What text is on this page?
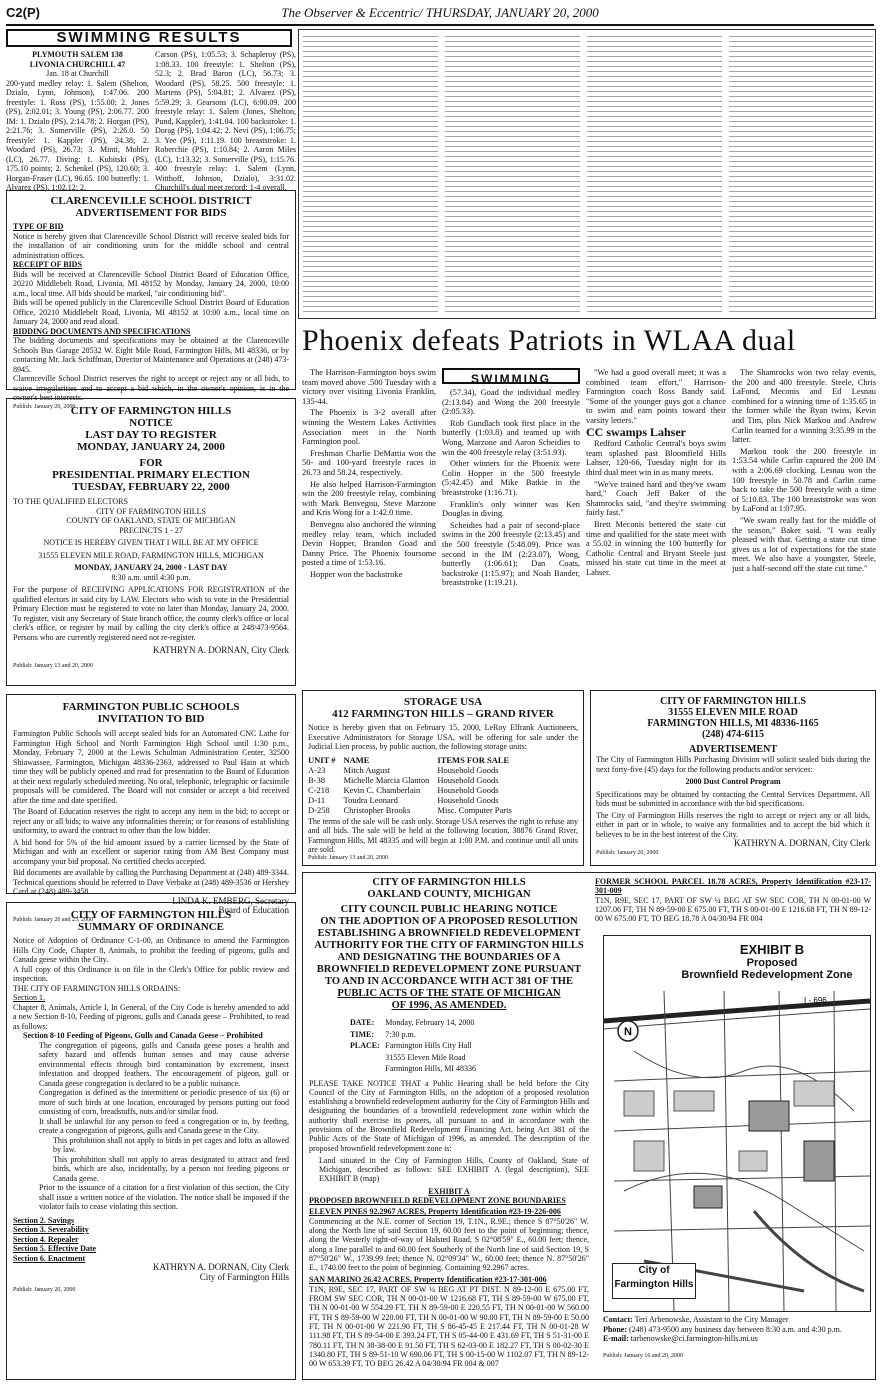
C2(P)	The Observer & Eccentric/ THURSDAY, JANUARY 20, 2000
SWIMMING RESULTS
PLYMOUTH SALEM 138
LIVONIA CHURCHILL 47
Jan. 18 at Churchill
200-yard medley relay: 1. Salem (Shelton, Dzialo, Lynn, Johnson), 1:47.06. 200 freestyle: 1. Ross (PS), 1:55.00; 2. Jones (PS), 2:02.01; 3. Young (PS), 2:06.77. 200 IM: 1. Dzialo (PS), 2:14.78; 2. Horgan (PS), 2:21.76; 3. Somerville (PS), 2:26.0. 50 freestyle: 1. Kappler (PS), 24.38; 2. Woodard (PS), 26.73; 3. Minti, Mohler (LC), 26.77. Diving: 1. Kubitski (PS), 175.10 points; 2. Schenkel (PS), 120.60; 3. Horgan-Fraser (LC), 96.65. 100 butterfly: 1. Alvarez (PS), 1:02.12; 2.
Carson (PS), 1:05.53; 3. Schapleroy (PS), 1:08.33. 100 freestyle: 1. Shelton (PS), 52.3; 2. Brad Baron (LC), 56.73; 3. Woodard (PS), 58.25. 500 freestyle: 1. Martens (PS), 5:04.81; 2. Alvarez (PS), 5:59.29; 3. Gearsons (LC), 6:00.09. 200 freestyle relay: 1. Salem (Jones, Shelton, Pund, Kappler), 1:41.04. 100 backstroke: 1. Dorag (PS), 1:04.42; 2. Nevi (PS), 1:06.75; 3. Yee (PS), 1:11.19. 100 breaststroke: 1. Roberchie (PS), 1:10.84; 2. Aaron Miles (LC), 1:13.32; 3. Somerville (PS), 1:15.76. 400 freestyle relay: 1. Salem (Lynn, Witthoff, Johnson, Dzialo), 3:31.02. Churchill's dual meet record: 1-4 overall.
CLARENCEVILLE SCHOOL DISTRICT
ADVERTISEMENT FOR BIDS
TYPE OF BID
Notice is hereby given that Clarenceville School District will receive sealed bids for the installation of air conditioning units for the middle school and central administration offices.
RECEIPT OF BIDS
Bids will be received at Clarenceville School District Board of Education Office, 20210 Middlebelt Road, Livonia, MI 48152 by Monday, January 24, 2000, 10:00 a.m., local time. All bids should be marked, "air conditioning bid".
Bids will be opened publicly in the Clarenceville School District Board of Education Office, 20210 Middlebelt Road, Livonia, MI 48152 at 10:00 a.m., local time on January 24, 2000 and read aloud.
BIDDING DOCUMENTS AND SPECIFICATIONS
The bidding documents and specifications may be obtained at the Clarenceville Schools Bus Garage 28532 W. Eight Mile Road, Farmington Hills, MI 48336, or by contacting Mr. Jack Schiffman, Director of Maintenance and Operations at (248) 473-8945.
Clarenceville School District reserves the right to accept or reject any or all bids, to waive irregularities and to accept a bid which, in the owner's opinion, is in the owner's best interests.
Publish: January 20, 2000
CITY OF FARMINGTON HILLS
NOTICE
LAST DAY TO REGISTER
MONDAY, JANUARY 24, 2000
FOR
PRESIDENTIAL PRIMARY ELECTION
TUESDAY, FEBRUARY 22, 2000
TO THE QUALIFIED ELECTORS
CITY OF FARMINGTON HILLS
COUNTY OF OAKLAND, STATE OF MICHIGAN
PRECINCTS 1 - 27
NOTICE IS HEREBY GIVEN THAT I WILL BE AT MY OFFICE
31555 ELEVEN MILE ROAD, FARMINGTON HILLS, MICHIGAN
MONDAY, JANUARY 24, 2000 - LAST DAY
8:30 a.m. until 4:30 p.m.
For the purpose of RECEIVING APPLICATIONS FOR REGISTRATION of the qualified electors in said city by LAW. Electors who wish to vote in the Presidential Primary Election must be registered to vote no later than Monday, January 24, 2000. To register, visit any Secretary of State branch office, the county clerk's office or local clerk's office, or register by mail by calling the city clerk's office at 248/473-9564. Persons who are currently registered need not re-register.
KATHRYN A. DORNAN, City Clerk
Publish: January 13 and 20, 2000
FARMINGTON PUBLIC SCHOOLS
INVITATION TO BID
Farmington Public Schools will accept sealed bids for an Automated CNC Lathe for Farmington High School and North Farmington High School until 1:30 p.m., Monday, February 7, 2000 at the Lewis Schulman Administration Center, 32500 Shiawassee, Farmington, Michigan 48336-2363, addressed to Paul Hain at which time they will be publicly opened and read for presentation to the Board of Education at their next regularly scheduled meeting. No oral, telephonic, telegraphic or facsimile proposals will be considered. The Board will not consider or accept a bid received after the time and date specified.
The Board of Education reserves the right to accept any item in the bid; to accept or reject any or all bids; to waive any informalities therein; or for reasons of establishing uniformity, to award the contract to other than the low bidder.
A bid bond for 5% of the bid amount issued by a carrier licensed by the State of Michigan and with an excellent or superior rating from AM Best Company must accompany your bid proposal. No certified checks accepted.
Bid documents are available by calling the Purchasing Department at (248) 489-3344. Technical questions should be referred to Dave Verbake at (248) 489-3536 or Hershey Card at (248) 489-3458.
LINDA K. EMBERG, Secretary
Board of Education
Publish: January 20 and 23, 2000
CITY OF FARMINGTON HILLS
SUMMARY OF ORDINANCE
Notice of Adoption of Ordinance C-1-00, an Ordinance to amend the Farmington Hills City Code, Chapter 8, Animals, to prohibit the feeding of pigeons, gulls and Canada geese within the City.
A full copy of this Ordinance is on file in the Clerk's Office for public review and inspection.
THE CITY OF FARMINGTON HILLS ORDAINS:
Section 1.
Chapter 8, Animals, Article I, In General, of the City Code is hereby amended to add a new Section 8-10, Feeding of pigeons, gulls and Canada geese – Prohibited, to read as follows:
Section 8-10 Feeding of Pigeons, Gulls and Canada Geese – Prohibited
The congregation of pigeons, gulls and Canada geese poses a health and safety hazard and offends human senses and may cause adverse environmental effects through bird contamination by excrement, insect infestation and dropped feathers. The encouragement of pigeon, gull or Canada geese congregation is declared to be a public nuisance.
Congregation is defined as the intermittent or periodic presence of six (6) or more of such birds at one location, encouraged by persons putting out food consisting of corn, breadstuffs, nuts and/or similar food.
It shall be unlawful for any person to feed a congregation or to, by feeding, create a congregation of pigeons, gulls and Canada geese in the City.
This prohibition shall not apply to birds in pet cages and lofts as allowed by law.
This prohibition shall not apply to areas designated to attract and feed birds, which are also, incidentally, by a person not feeding pigeons or Canada geese.
Prior to the issuance of a citation for a first violation of this section, the City shall issue a written notice of the violation. The notice shall be imposed if the violator fails to cease violating this section.
Section 2. Savings
Section 3. Severability
Section 4. Repealer
Section 5. Effective Date
Section 6. Enactment
KATHRYN A. DORNAN, City Clerk
City of Farmington Hills
Publish: January 20, 2000
Phoenix defeats Patriots in WLAA dual

The Harrison-Farmington boys swim team moved above .500 Tuesday with a victory over visiting Livonia Franklin, 135-44.

The Phoenix is 3-2 overall after winning the Western Lakes Activities Association meet in the North Farmington pool.

Freshman Charlie DeMattia won the 50- and 100-yard freestyle races in 26.73 and 58.24, respectively.

He also helped Harrison-Farmington win the 200 freestyle relay, combining with Mark Benvegnu, Steve Marzone and Kris Wong for a 1:42.0 time.

Benvegnu also anchored the winning medley relay team, which included Devin Hopper, Brandon Goad and Danny Price. The Phoenix foursome posted a time of 1:53.16.

Hopper won the backstroke

SWIMMING

(57.34), Goad the individual medley (2:13.84) and Wong the 200 freestyle (2:05.33).

Rob Gundlach took first place in the butterfly (1:03.8) and teamed up with Wong, Marzone and Aaron Scheidies to win the 400 freestyle relay (3:51.93).

Other winners for the Phoenix were Colin Hopper in the 500 freestyle (5:42.45) and Mike Batkie in the breaststroke (1:16.71).

Franklin's only winner was Ken Douglas in diving.

Scheidies had a pair of second-place swims in the 200 freestyle (2:13.45) and the 500 freestyle (5:48.09). Price was second in the IM (2:23.07), Wong, butterfly (1:06.61); Dan Coats, backstroke (1:15.97); and Noah Bander, breaststroke (1:19.21).

"We had a good overall meet; it was a combined team effort," Harrison-Farmington coach Ross Bandy said. "Some of the younger guys got a chance to swim and earn points toward their varsity letters."

CC swamps Lahser

Redford Catholic Central's boys swim team splashed past Bloomfield Hills Lahser, 120-66, Tuesday night for its third dual meet win in as many meets.

"We've trained hard and they've swam hard," Coach Jeff Baker of the Shamrocks said, "and they're swimming fairly fast."

Brett Meconis bettered the state cut time and qualified for the state meet with a 55.02 in winning the 100 butterfly for Catholic Central and Bryant Steele just missed his state cut time in the meet at Lahser.

The Shamrocks won two relay events, the 200 and 400 freestyle. Steele, Chris LaFond, Meconis and Ed Lesnau combined for a winning time of 1:35.65 in the former while the Ryan twins, Kevin and Tim, plus Nick Markou and Andrew Carlin teamed for a winning 3:35.99 in the latter.

Markou took the 200 freestyle in 1:53.54 while Carlin captured the 200 IM with a 2:06.69 clocking. Lesnau won the 100 freestyle in 50.78 and Carlin came back to take the 500 freestyle with a time of 5:10.83. The 100 breaststroke was won by LaFond at 1:07.95.

"We swam really fast for the middle of the season," Baker said. "I was really pleased with that. Getting a state cut time gives us a lot of expectations for the state meet. We also have a youngster, Steele, just a half-second off the state cut time."

STORAGE USA
412 FARMINGTON HILLS – GRAND RIVER
Notice is hereby given that on February 15, 2000, LeRoy Elfrank Auctioneers, Executive Administrators for Storage USA, will be offering for sale under the Judicial Lien process, by public auction, the following storage units:
UNIT #	NAME	ITEMS FOR SALE
A-23	Mitch August	Household Goods
B-38	Michelle Marcia Glanton	Household Goods
C-218	Kevin C. Chamberlain	Household Goods
D-11	Toudra Leonard	Household Goods
D-258	Christopher Brooks	Misc. Computer Parts
The terms of the sale will be cash only. Storage USA reserves the right to refuse any and all bids. The sale will be held at the following location, 38876 Grand River, Farmington Hills, MI 48335 and will begin at 1:00 P.M. and continue until all units are sold.
Publish: January 13 and 20, 2000
CITY OF FARMINGTON HILLS
31555 ELEVEN MILE ROAD
FARMINGTON HILLS, MI 48336-1165
(248) 474-6115
ADVERTISEMENT
The City of Farmington Hills Purchasing Division will solicit sealed bids during the next forty-five (45) days for the following products and/or services:
2000 Dust Control Program
Specifications may be obtained by contacting the Central Services Department. All bids must be submitted in accordance with the bid specifications.
The City of Farmington Hills reserves the right to accept or reject any or all bids, either in part or in whole, to waive any formalities and to accept the bid which it believes to be in the best interest of the City.
KATHRYN A. DORNAN, City Clerk
Publish: January 20, 2000
CITY OF FARMINGTON HILLS
OAKLAND COUNTY, MICHIGAN
CITY COUNCIL PUBLIC HEARING NOTICE
ON THE ADOPTION OF A PROPOSED RESOLUTION
ESTABLISHING A BROWNFIELD REDEVELOPMENT
AUTHORITY FOR THE CITY OF FARMINGTON HILLS
AND DESIGNATING THE BOUNDARIES OF A
BROWNFIELD REDEVELOPMENT ZONE PURSUANT
TO AND IN ACCORDANCE WITH ACT 381 OF THE
PUBLIC ACTS OF THE STATE OF MICHIGAN
OF 1996, AS AMENDED.
DATE:	Monday, February 14, 2000
TIME:	7:30 p.m.
PLACE:	Farmington Hills City Hall
	31555 Eleven Mile Road
	Farmington Hills, MI 48336
PLEASE TAKE NOTICE THAT a Public Hearing shall be held before the City Council of the City of Farmington Hills, on the adoption of a proposed resolution establishing a brownfield redevelopment authority for the City of Farmington Hills and designating the boundaries of a brownfield redevelopment zone within which the authority shall exercise its powers, all pursuant to and in accordance with the provisions of the Brownfield Redevelopment Financing Act, being Act 381 of the Public Acts of the State of Michigan of 1996, as amended. The description of the proposed brownfield redevelopment zone is:
Land situated in the City of Farmington Hills, County of Oakland, State of Michigan, described as follows: SEE EXHIBIT A (legal description), SEE EXHIBIT B (map)
EXHIBIT A
PROPOSED BROWNFIELD REDEVELOPMENT ZONE BOUNDARIES
ELEVEN PINES 92.2967 ACRES, Property Identification #23-19-226-006
Commencing at the N.E. corner of Section 19, T.1N., R.9E.; thence S 87°50'26" W. along the North line of said Section 19, 60.00 feet to the point of beginning; thence, along the Westerly right-of-way of Halsted Road, S 02°08'59" E., 60.00 feet; thence, along a line parallel to and 60.00 feet Southerly of the North line of said Section 19, S 87°50'26" W., 1739.99 feet; thence N. 02°09'34" W., 60.00 feet; thence N. 87°50'26" E., 1740.00 feet to the point of beginning. Containing 92.2967 acres.
SAN MARINO 26.42 ACRES, Property Identification #23-17-301-006
T1N, R9E, SEC 17, PART OF SW ¼ BEG AT PT DIST. N 89-12-00 E 675.00 FT, FROM SW SEC COR, TH N 00-01-00 W 1216.68 FT, TH S 89-59-00 W 675.00 FT, TH N 00-01-00 W 554.29 FT, TH N 89-59-00 E 220.55 FT, TH N 00-01-00 W 560.00 FT, TH S 89-59-00 W 220.00 FT, TH N 00-01-00 W 90.00 FT, TH N 89-59-00 E 50.00 FT, TH N 00-01-00 W 221.90 FT, TH S 86-45-45 E 217.44 FT, TH N 00-01-28 W 111.98 FT, TH S 89-54-00 E 393.24 FT, TH S 05-44-00 E 431.69 FT, TH S 51-31-00 E 780.11 FT, TH N 38-38-00 E 91.50 FT, TH S 62-03-00 E 182.27 FT, TH S 00-02-30 E 1340.80 FT, TH S 89-51-10 W 690.06 FT, TH S 00-15-00 W 1102.07 FT, TH N 89-12-00 W 653.39 FT, TO BEG 26.42 A 04/30/94 FR 004 & 007
FORMER SCHOOL PARCEL 18.78 ACRES, Property Identification #23-17-301-009
T1N, R9E, SEC 17, PART OF SW ¼ BEG AT SW SEC COR, TH N 00-01-00 W 1207.06 FT, TH N 89-59-00 E 675.00 FT, TH S 00-01-00 E 1216.68 FT, TH N 89-12-00 W 675.00 FT, TO BEG 18.78 A 04/30/94 FR 004
EXHIBIT B
Proposed
Brownfield Redevelopment Zone
N
I - 696
City of
Farmington Hills
Contact: Teri Arbenowske, Assistant to the City Manager
Phone: (248) 473-9500 any business day between 8:30 a.m. and 4:30 p.m.
E-mail: tarbenowske@ci.farmington-hills.mi.us
Publish: January 16 and 20, 2000
